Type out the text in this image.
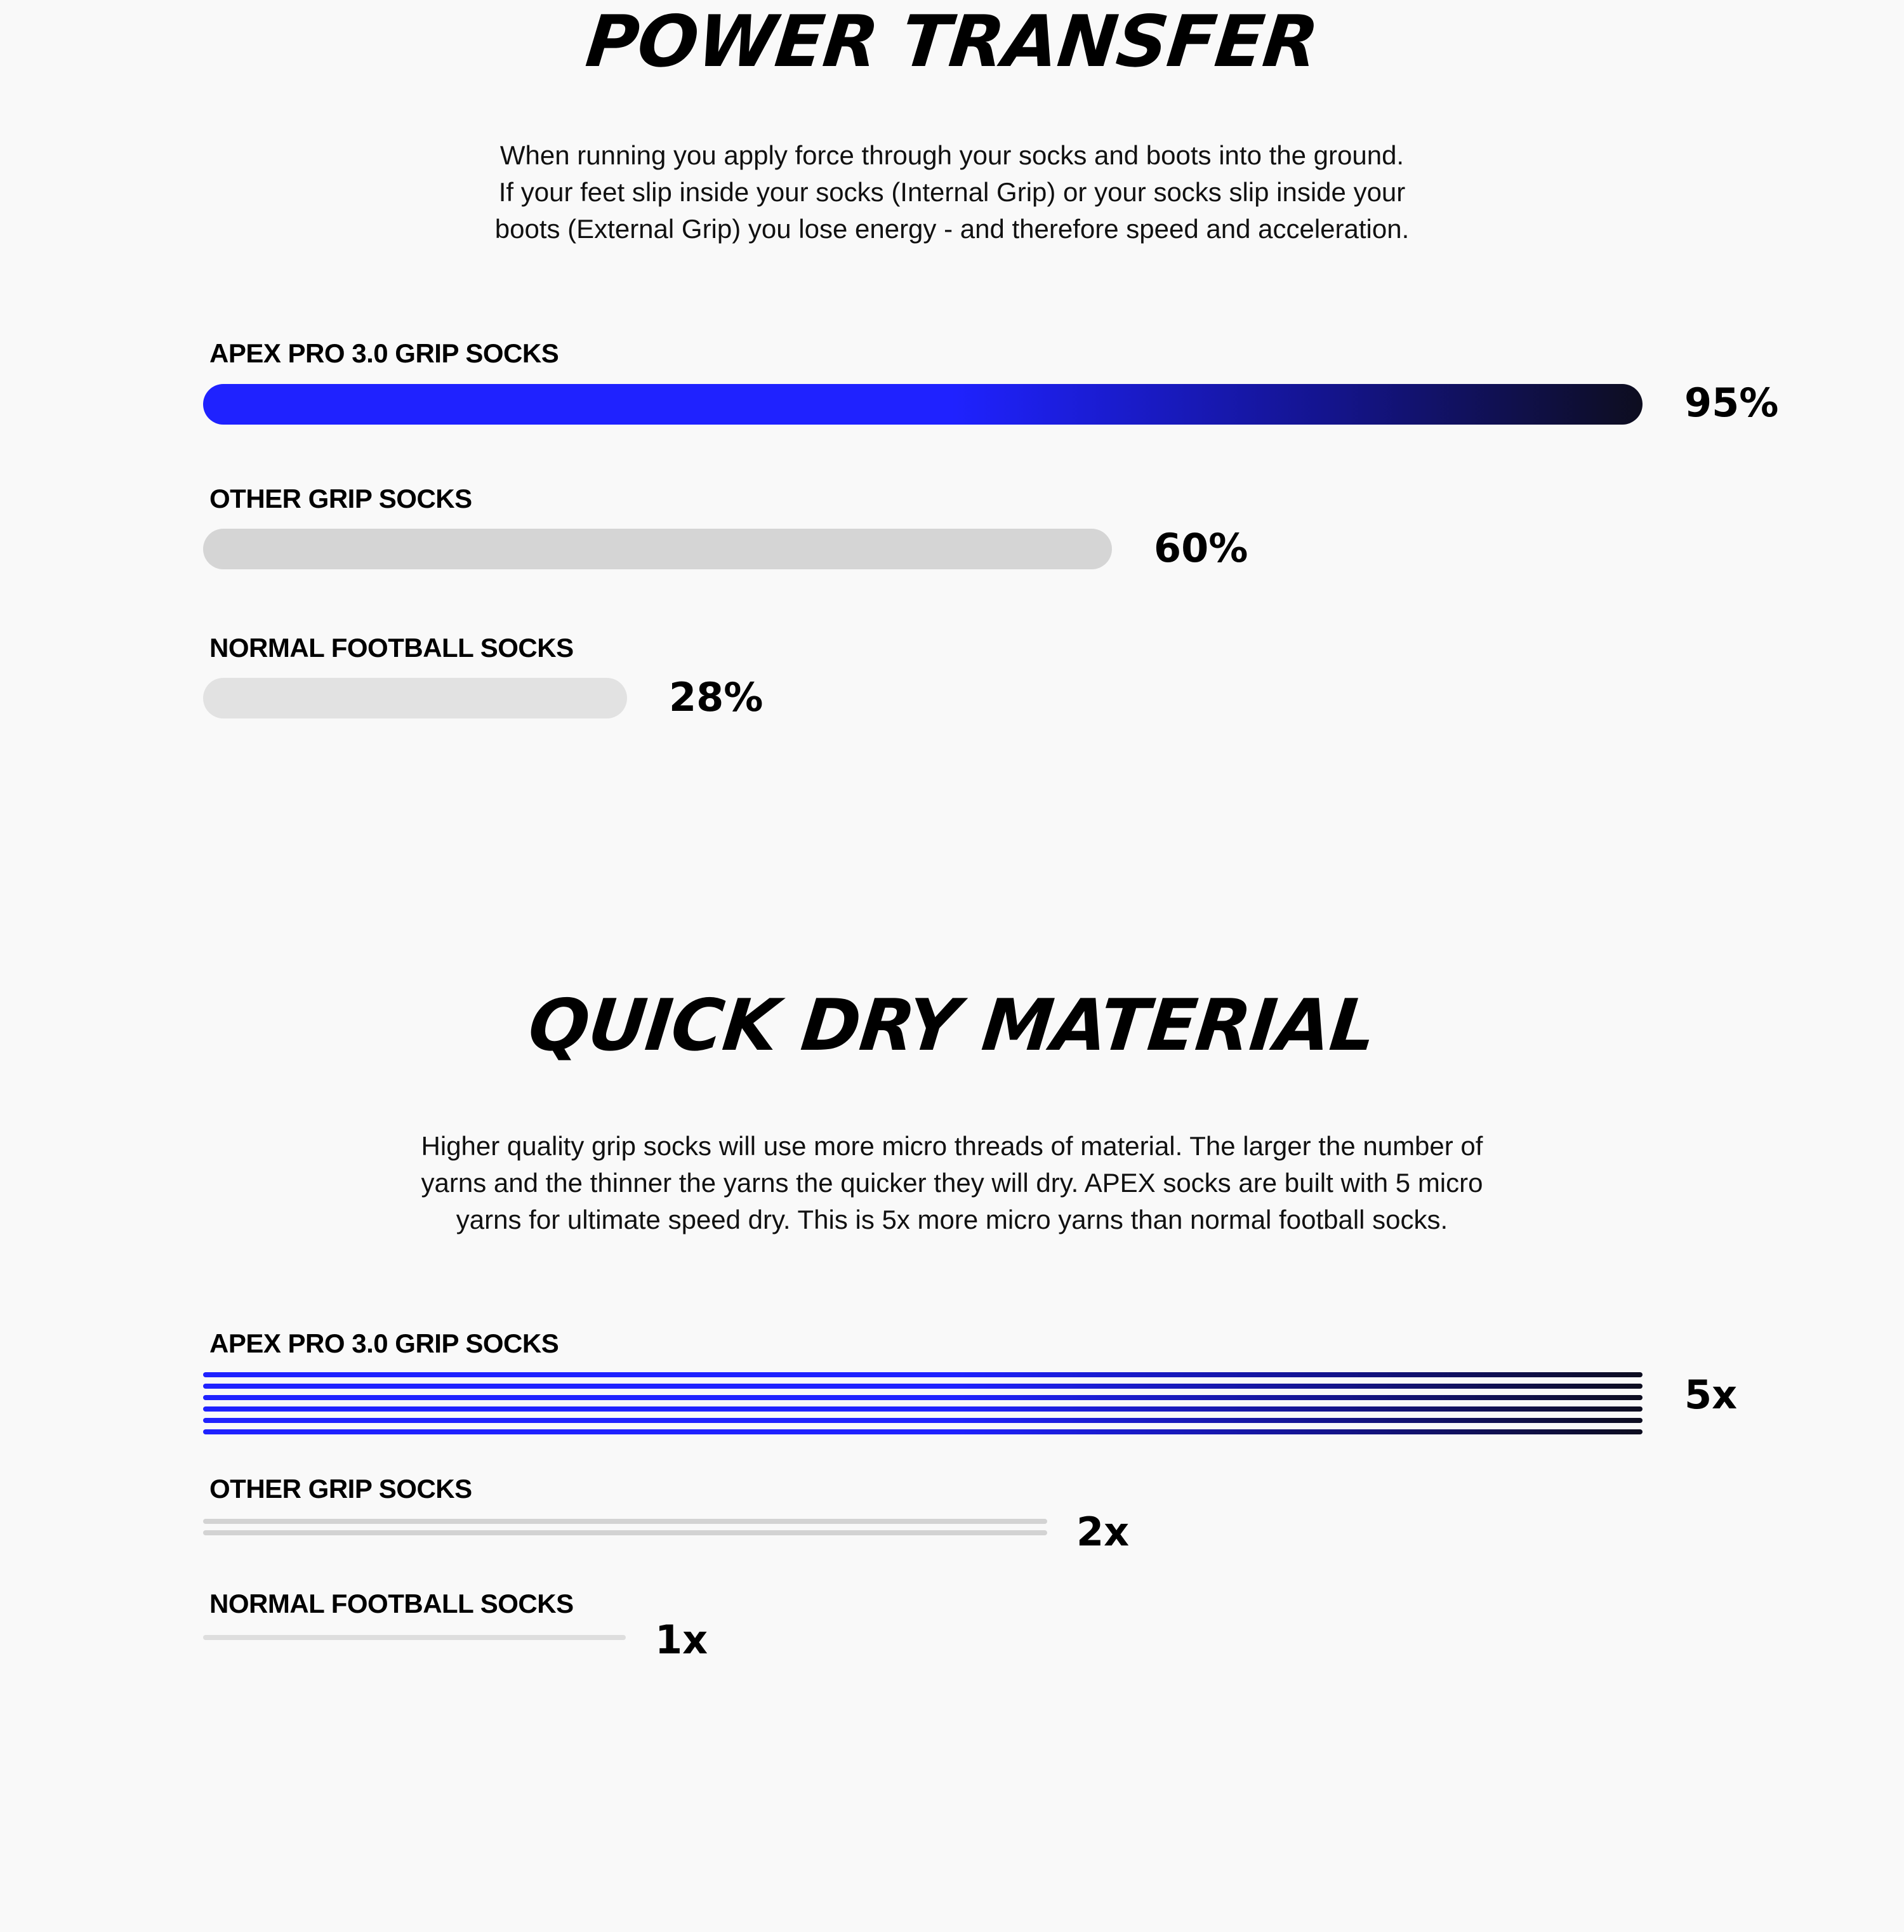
POWER TRANSFER

When running you apply force through your socks and boots into the ground.
If your feet slip inside your socks (Internal Grip) or your socks slip inside your
boots (External Grip) you lose energy - and therefore speed and acceleration.

APEX PRO 3.0 GRIP SOCKS
95%
OTHER GRIP SOCKS
60%
NORMAL FOOTBALL SOCKS
28%
QUICK DRY MATERIAL

Higher quality grip socks will use more micro threads of material. The larger the number of
yarns and the thinner the yarns the quicker they will dry. APEX socks are built with 5 micro
yarns for ultimate speed dry. This is 5x more micro yarns than normal football socks.

APEX PRO 3.0 GRIP SOCKS
5x
OTHER GRIP SOCKS
2x
NORMAL FOOTBALL SOCKS
1x
